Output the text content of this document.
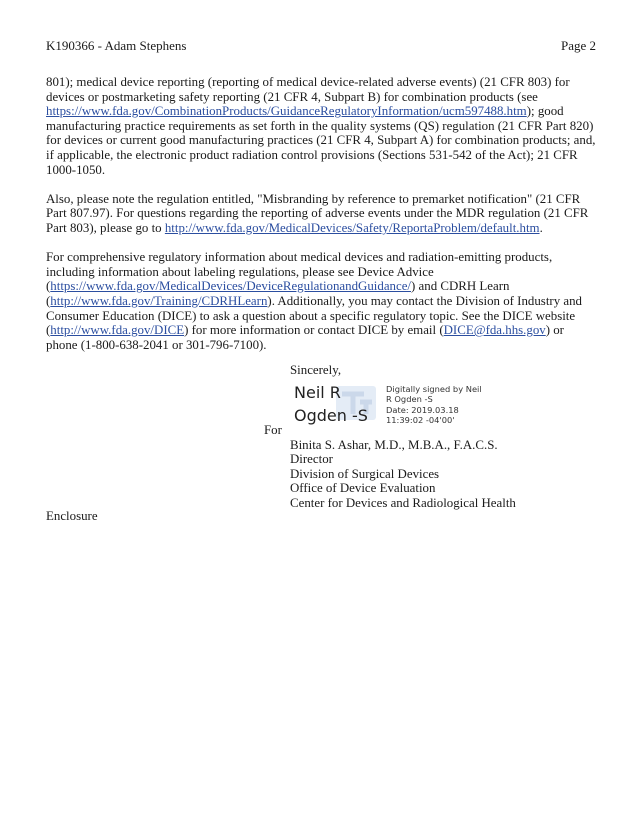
K190366 - Adam Stephens	Page 2

801); medical device reporting (reporting of medical device-related adverse events) (21 CFR 803) for devices or postmarketing safety reporting (21 CFR 4, Subpart B) for combination products (see https://www.fda.gov/CombinationProducts/GuidanceRegulatoryInformation/ucm597488.htm); good manufacturing practice requirements as set forth in the quality systems (QS) regulation (21 CFR Part 820) for devices or current good manufacturing practices (21 CFR 4, Subpart A) for combination products; and, if applicable, the electronic product radiation control provisions (Sections 531-542 of the Act); 21 CFR 1000-1050.

Also, please note the regulation entitled, "Misbranding by reference to premarket notification" (21 CFR Part 807.97). For questions regarding the reporting of adverse events under the MDR regulation (21 CFR Part 803), please go to http://www.fda.gov/MedicalDevices/Safety/ReportaProblem/default.htm.

For comprehensive regulatory information about medical devices and radiation-emitting products, including information about labeling regulations, please see Device Advice (https://www.fda.gov/MedicalDevices/DeviceRegulationandGuidance/) and CDRH Learn (http://www.fda.gov/Training/CDRHLearn). Additionally, you may contact the Division of Industry and Consumer Education (DICE) to ask a question about a specific regulatory topic. See the DICE website (http://www.fda.gov/DICE) for more information or contact DICE by email (DICE@fda.hhs.gov) or phone (1-800-638-2041 or 301-796-7100).

Sincerely,
Neil R
Ogden -S
Digitally signed by Neil
R Ogden -S
Date: 2019.03.18
11:39:02 -04'00'
Binita S. Ashar, M.D., M.B.A., F.A.C.S.
Director
Division of Surgical Devices
Office of Device Evaluation
Center for Devices and Radiological Health
For
Enclosure
